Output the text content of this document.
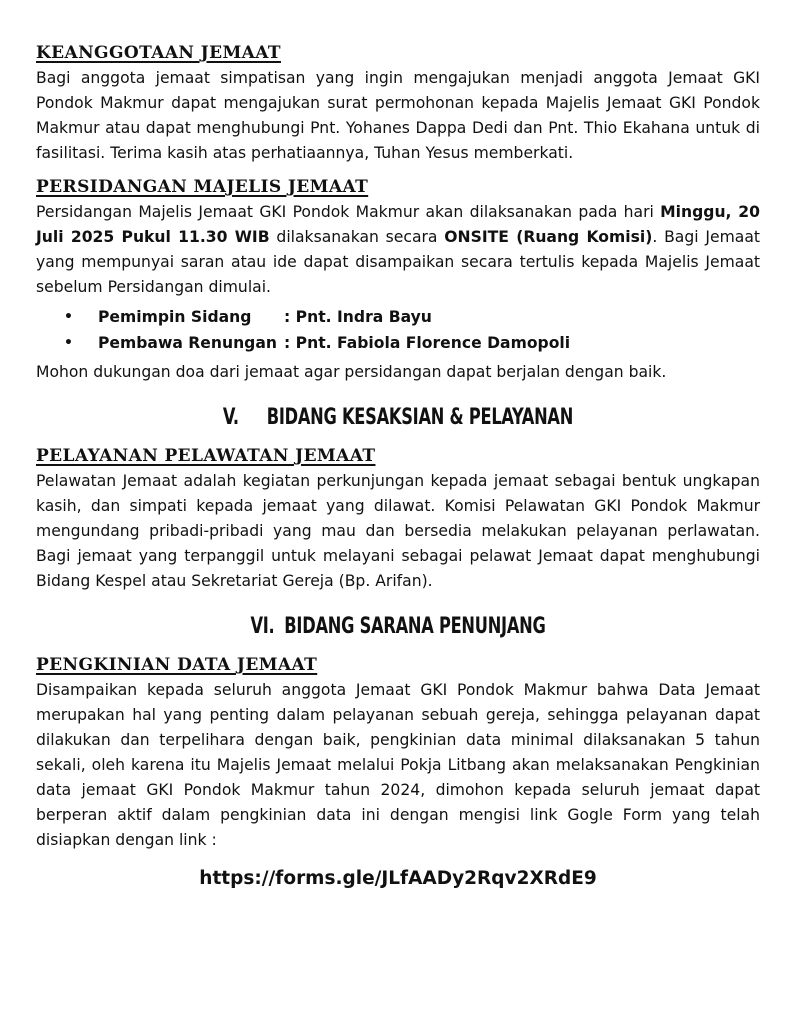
KEANGGOTAAN JEMAAT

Bagi anggota jemaat simpatisan yang ingin mengajukan menjadi anggota Jemaat GKI Pondok Makmur dapat mengajukan surat permohonan kepada Majelis Jemaat GKI Pondok Makmur atau dapat menghubungi Pnt. Yohanes Dappa Dedi dan Pnt. Thio Ekahana untuk di fasilitasi. Terima kasih atas perhatiaannya, Tuhan Yesus memberkati.

PERSIDANGAN MAJELIS JEMAAT

Persidangan Majelis Jemaat GKI Pondok Makmur akan dilaksanakan pada hari Minggu, 20 Juli 2025 Pukul 11.30 WIB dilaksanakan secara ONSITE (Ruang Komisi). Bagi Jemaat yang mempunyai saran atau ide dapat disampaikan secara tertulis kepada Majelis Jemaat sebelum Persidangan dimulai.

•	Pemimpin Sidang	: Pnt. Indra Bayu
•	Pembawa Renungan : Pnt. Fabiola Florence Damopoli

Mohon dukungan doa dari jemaat agar persidangan dapat berjalan dengan baik.

V. BIDANG KESAKSIAN & PELAYANAN
PELAYANAN PELAWATAN JEMAAT

Pelawatan Jemaat adalah kegiatan perkunjungan kepada jemaat sebagai bentuk ungkapan kasih, dan simpati kepada jemaat yang dilawat. Komisi Pelawatan GKI Pondok Makmur mengundang pribadi-pribadi yang mau dan bersedia melakukan pelayanan perlawatan. Bagi jemaat yang terpanggil untuk melayani sebagai pelawat Jemaat dapat menghubungi Bidang Kespel atau Sekretariat Gereja (Bp. Arifan).

VI. BIDANG SARANA PENUNJANG
PENGKINIAN DATA JEMAAT

Disampaikan kepada seluruh anggota Jemaat GKI Pondok Makmur bahwa Data Jemaat merupakan hal yang penting dalam pelayanan sebuah gereja, sehingga pelayanan dapat dilakukan dan terpelihara dengan baik, pengkinian data minimal dilaksanakan 5 tahun sekali, oleh karena itu Majelis Jemaat melalui Pokja Litbang akan melaksanakan Pengkinian data jemaat GKI Pondok Makmur tahun 2024, dimohon kepada seluruh jemaat dapat berperan aktif dalam pengkinian data ini dengan mengisi link Gogle Form yang telah disiapkan dengan link :

https://forms.gle/JLfAADy2Rqv2XRdE9
